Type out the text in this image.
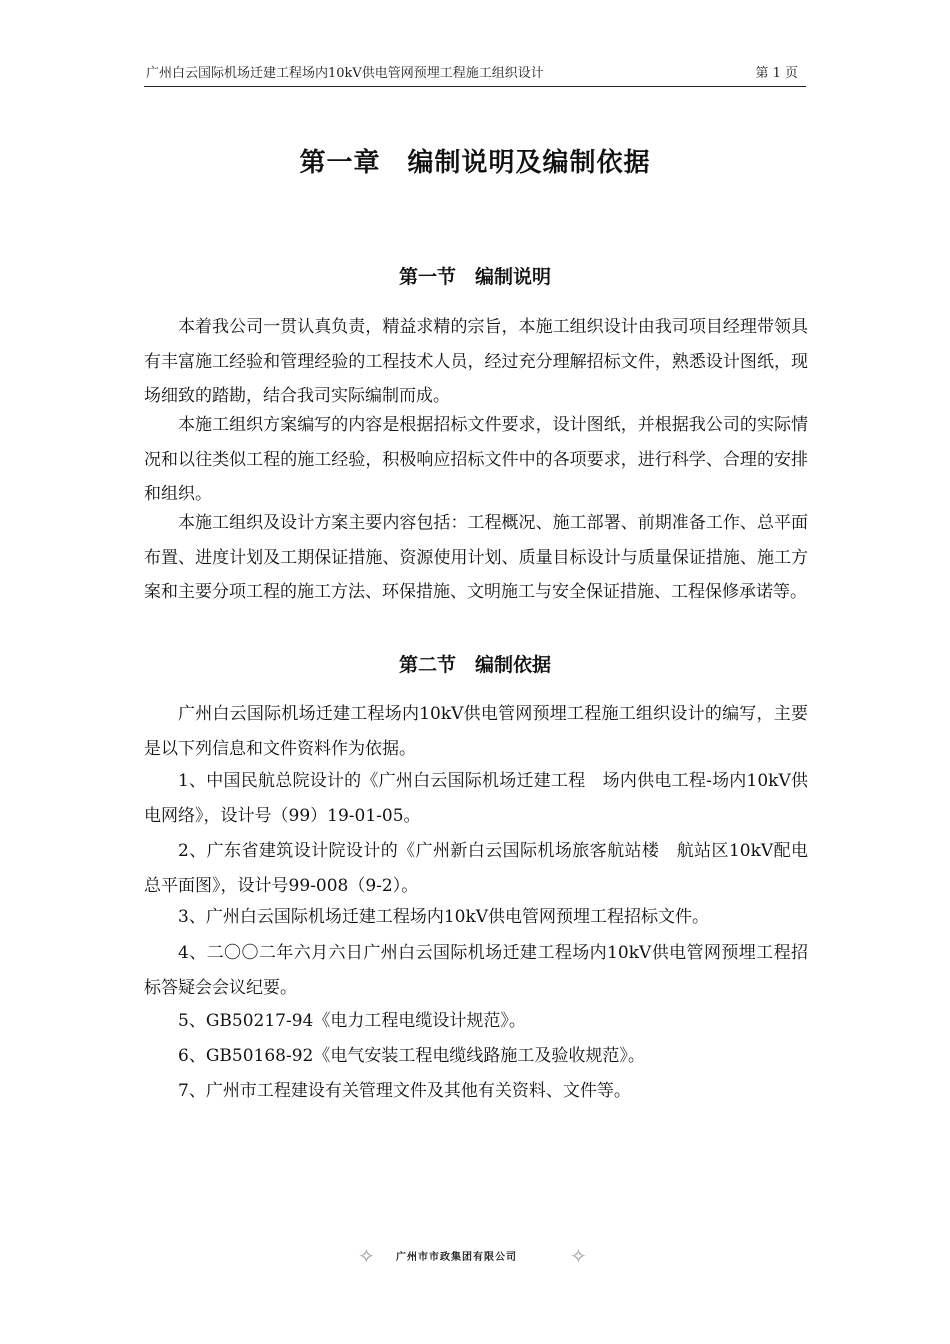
广州白云国际机场迁建工程场内10kV供电管网预埋工程施工组织设计	第 1 页
第一章　编制说明及编制依据
第一节　编制说明

本着我公司一贯认真负责，精益求精的宗旨，本施工组织设计由我司项目经理带领具有丰富施工经验和管理经验的工程技术人员，经过充分理解招标文件，熟悉设计图纸，现场细致的踏勘，结合我司实际编制而成。

本施工组织方案编写的内容是根据招标文件要求，设计图纸，并根据我公司的实际情况和以往类似工程的施工经验，积极响应招标文件中的各项要求，进行科学、合理的安排和组织。

本施工组织及设计方案主要内容包括：工程概况、施工部署、前期准备工作、总平面布置、进度计划及工期保证措施、资源使用计划、质量目标设计与质量保证措施、施工方案和主要分项工程的施工方法、环保措施、文明施工与安全保证措施、工程保修承诺等。

第二节　编制依据

广州白云国际机场迁建工程场内10kV供电管网预埋工程施工组织设计的编写，主要是以下列信息和文件资料作为依据。

1、中国民航总院设计的《广州白云国际机场迁建工程　场内供电工程-场内10kV供电网络》，设计号（99）19-01-05。

2、广东省建筑设计院设计的《广州新白云国际机场旅客航站楼　航站区10kV配电总平面图》，设计号99-008（9-2）。

3、广州白云国际机场迁建工程场内10kV供电管网预埋工程招标文件。

4、二〇〇二年六月六日广州白云国际机场迁建工程场内10kV供电管网预埋工程招标答疑会会议纪要。

5、GB50217-94《电力工程电缆设计规范》。

6、GB50168-92《电气安装工程电缆线路施工及验收规范》。

7、广州市工程建设有关管理文件及其他有关资料、文件等。

✧ 广州市市政集团有限公司	✧
